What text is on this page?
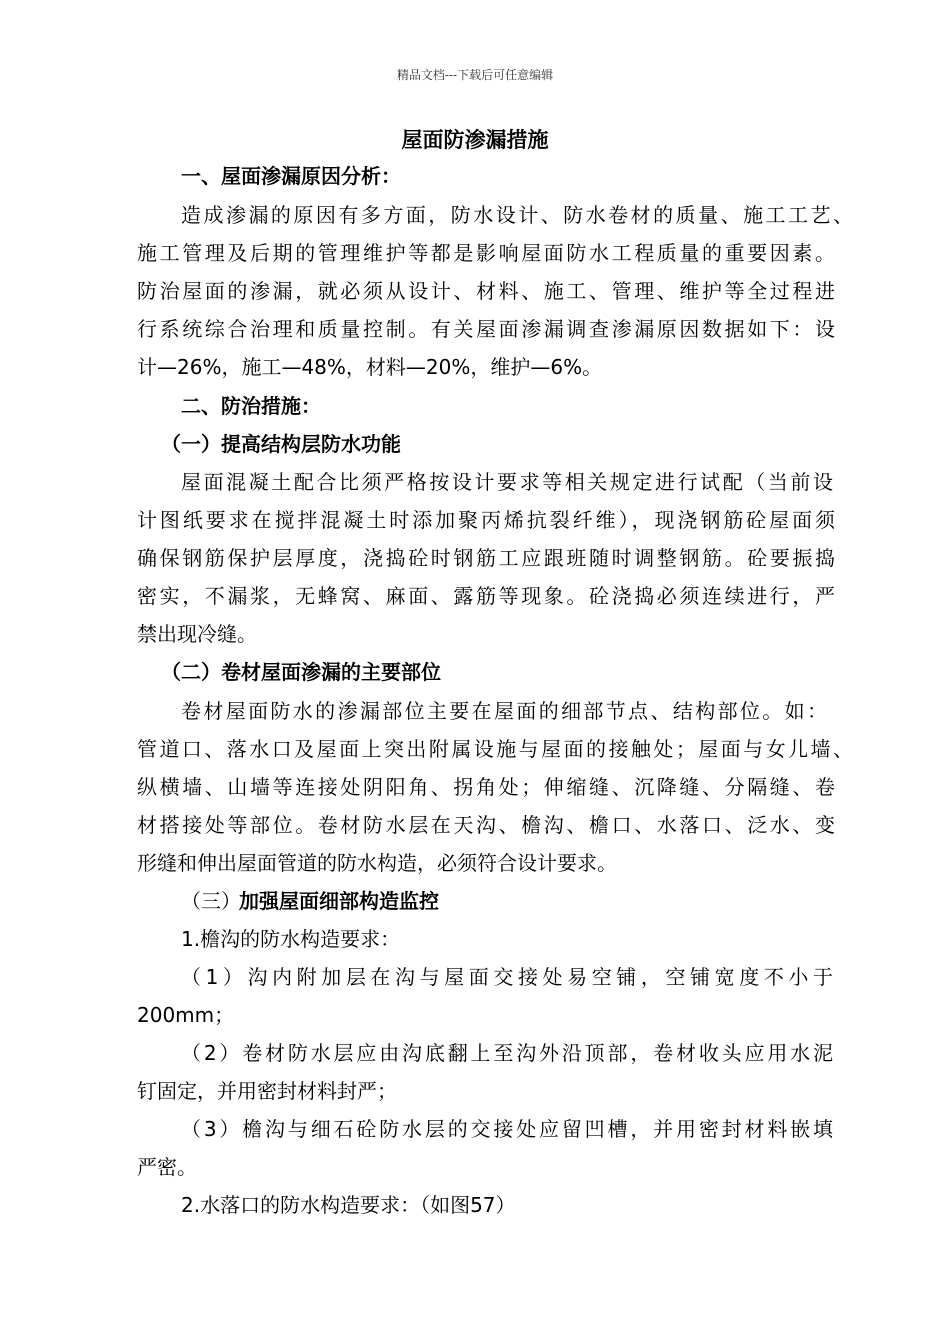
精品文档---下载后可任意编辑
屋面防渗漏措施
一、屋面渗漏原因分析：
造成渗漏的原因有多方面，防水设计、防水卷材的质量、施工工艺、
施工管理及后期的管理维护等都是影响屋面防水工程质量的重要因素。
防治屋面的渗漏，就必须从设计、材料、施工、管理、维护等全过程进
行系统综合治理和质量控制。有关屋面渗漏调查渗漏原因数据如下：设
计—26%，施工—48%，材料—20%，维护—6%。
二、防治措施：
（一）提高结构层防水功能
屋面混凝土配合比须严格按设计要求等相关规定进行试配（当前设
计图纸要求在搅拌混凝土时添加聚丙烯抗裂纤维），现浇钢筋砼屋面须
确保钢筋保护层厚度，浇捣砼时钢筋工应跟班随时调整钢筋。砼要振捣
密实，不漏浆，无蜂窝、麻面、露筋等现象。砼浇捣必须连续进行，严
禁出现冷缝。
（二）卷材屋面渗漏的主要部位
卷材屋面防水的渗漏部位主要在屋面的细部节点、结构部位。如：
管道口、落水口及屋面上突出附属设施与屋面的接触处；屋面与女儿墙、
纵横墙、山墙等连接处阴阳角、拐角处；伸缩缝、沉降缝、分隔缝、卷
材搭接处等部位。卷材防水层在天沟、檐沟、檐口、水落口、泛水、变
形缝和伸出屋面管道的防水构造，必须符合设计要求。
（三）加强屋面细部构造监控
1.檐沟的防水构造要求：
（1）沟内附加层在沟与屋面交接处易空铺，空铺宽度不小于
200mm；
（2）卷材防水层应由沟底翻上至沟外沿顶部，卷材收头应用水泥
钉固定，并用密封材料封严；
（3）檐沟与细石砼防水层的交接处应留凹槽，并用密封材料嵌填
严密。
2.水落口的防水构造要求：（如图57）
